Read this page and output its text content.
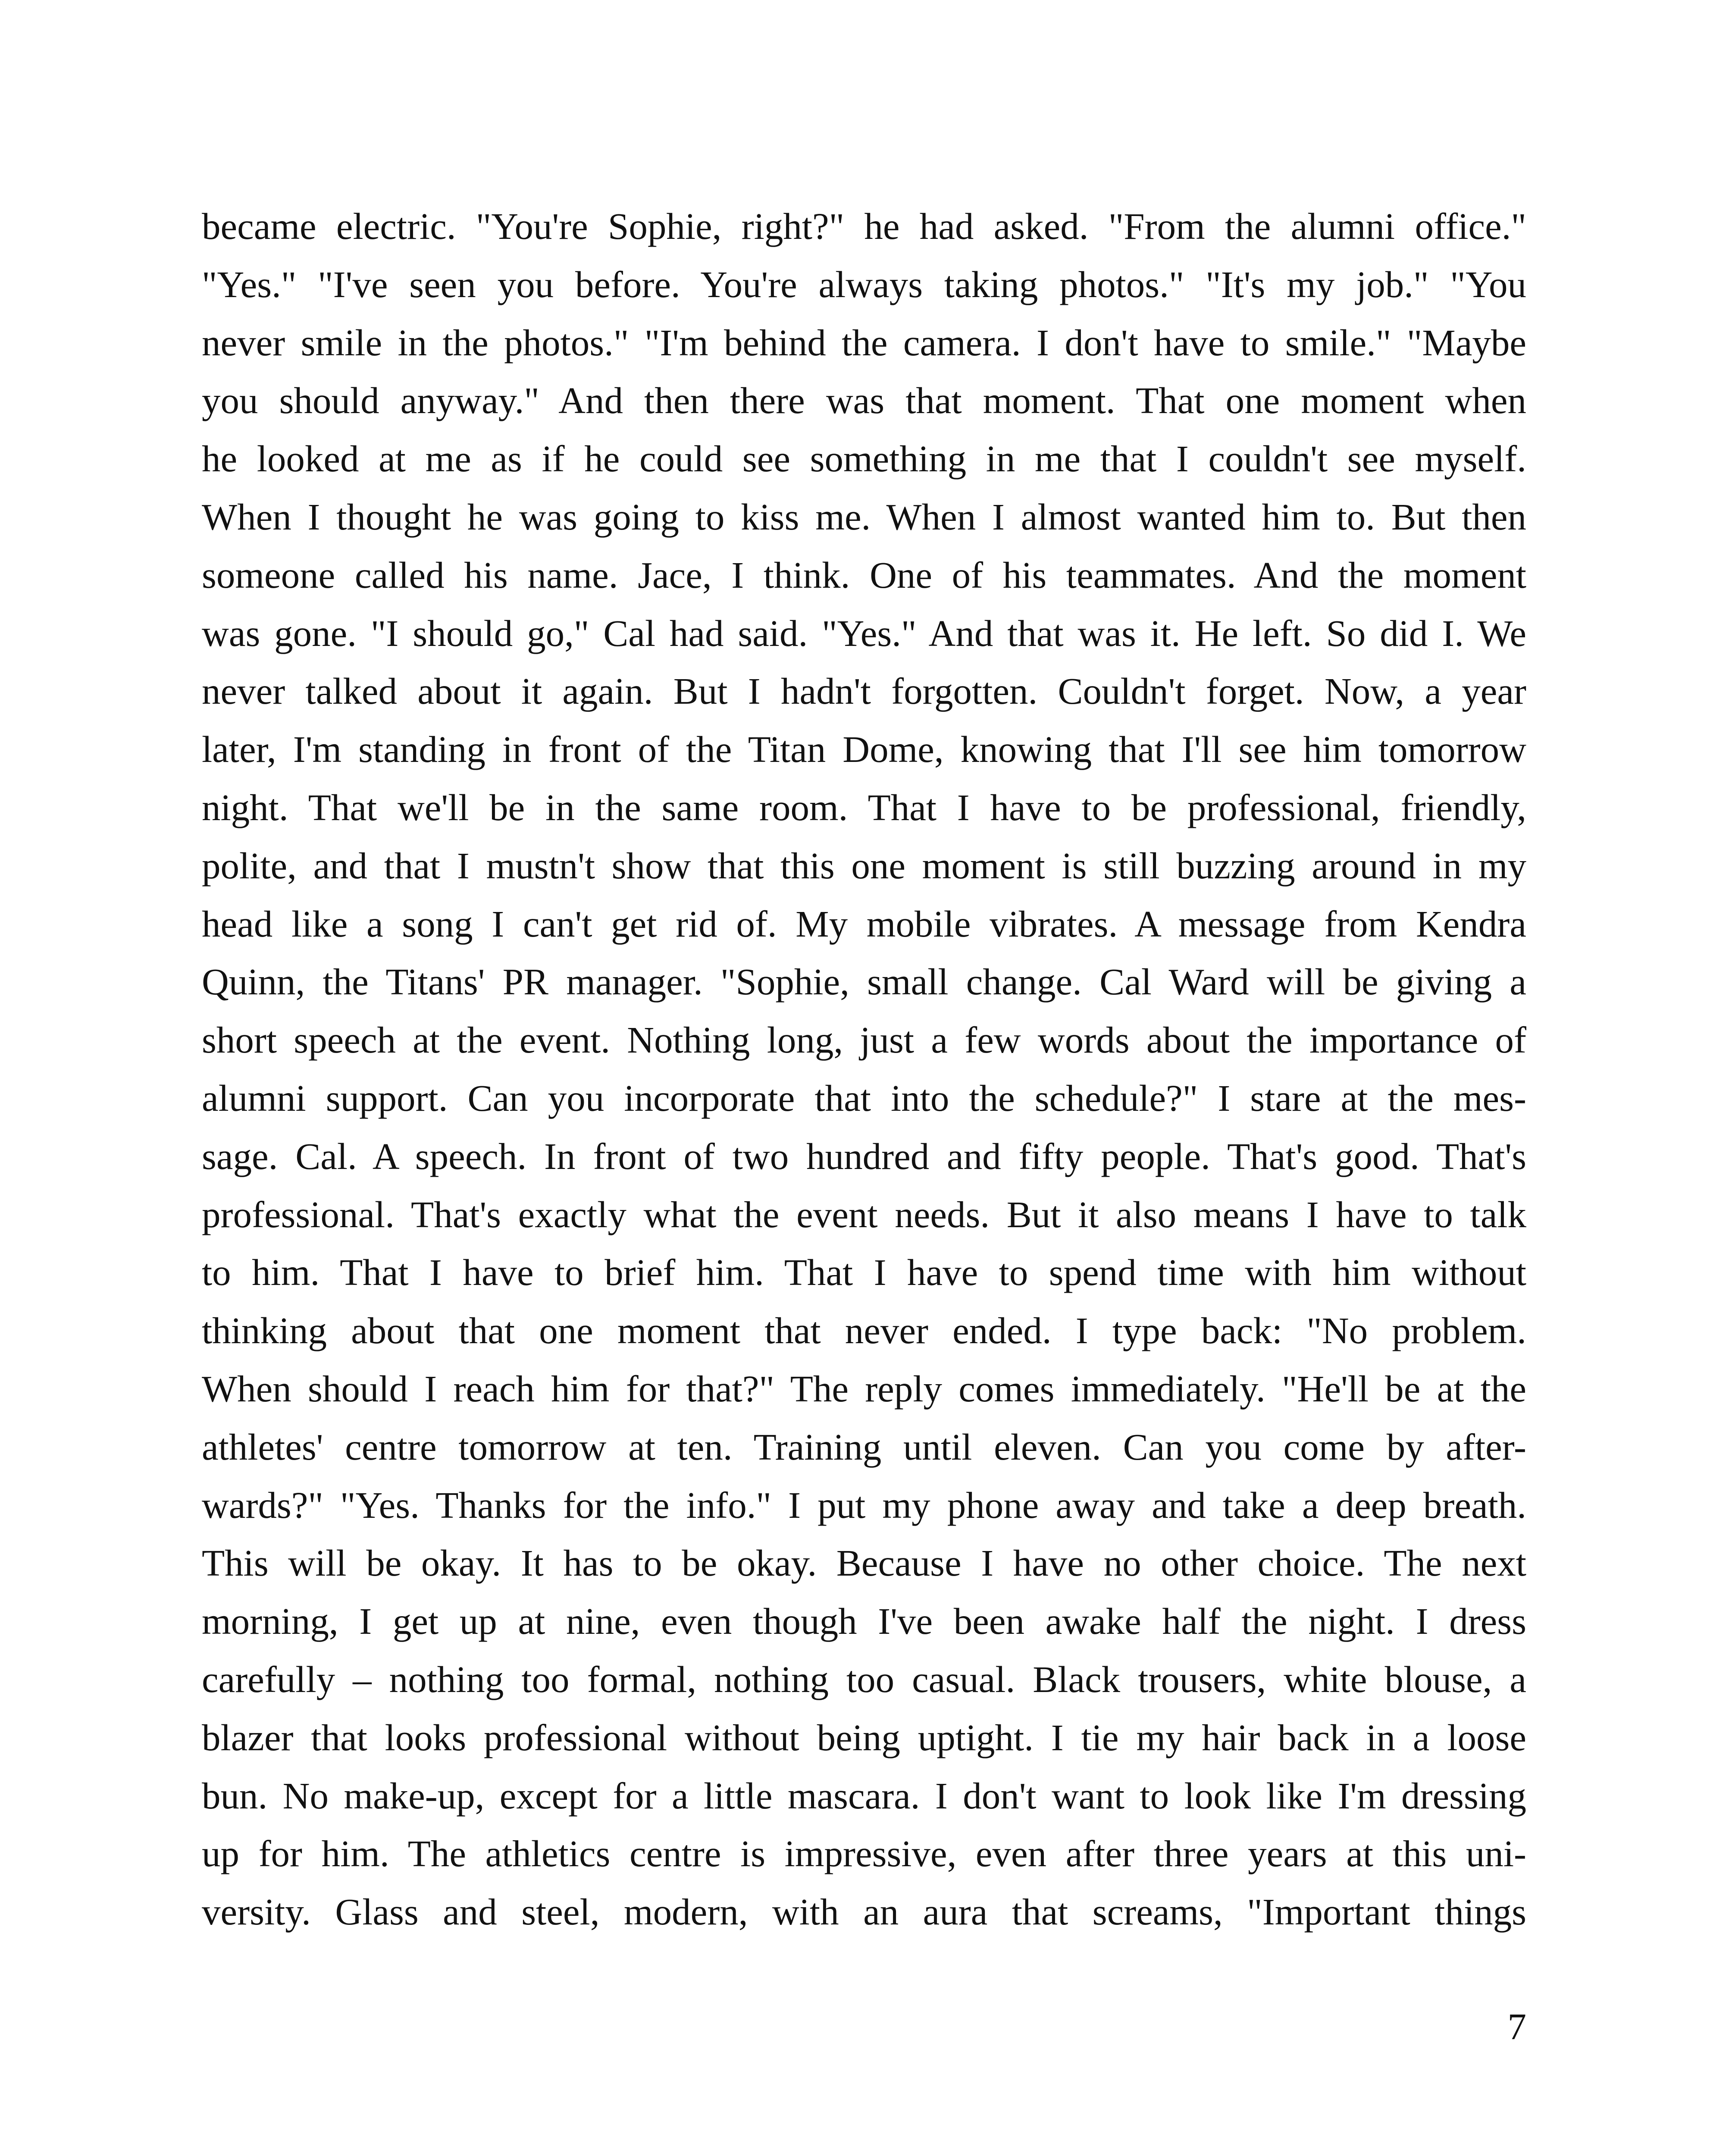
became electric. "You're Sophie, right?" he had asked. "From the alumni office."
"Yes." "I've seen you before. You're always taking photos." "It's my job." "You
never smile in the photos." "I'm behind the camera. I don't have to smile." "Maybe
you should anyway." And then there was that moment. That one moment when
he looked at me as if he could see something in me that I couldn't see myself.
When I thought he was going to kiss me. When I almost wanted him to. But then
someone called his name. Jace, I think. One of his teammates. And the moment
was gone. "I should go," Cal had said. "Yes." And that was it. He left. So did I. We
never talked about it again. But I hadn't forgotten. Couldn't forget. Now, a year
later, I'm standing in front of the Titan Dome, knowing that I'll see him tomorrow
night. That we'll be in the same room. That I have to be professional, friendly,
polite, and that I mustn't show that this one moment is still buzzing around in my
head like a song I can't get rid of. My mobile vibrates. A message from Kendra
Quinn, the Titans' PR manager. "Sophie, small change. Cal Ward will be giving a
short speech at the event. Nothing long, just a few words about the importance of
alumni support. Can you incorporate that into the schedule?" I stare at the mes-
sage. Cal. A speech. In front of two hundred and fifty people. That's good. That's
professional. That's exactly what the event needs. But it also means I have to talk
to him. That I have to brief him. That I have to spend time with him without
thinking about that one moment that never ended. I type back: "No problem.
When should I reach him for that?" The reply comes immediately. "He'll be at the
athletes' centre tomorrow at ten. Training until eleven. Can you come by after-
wards?" "Yes. Thanks for the info." I put my phone away and take a deep breath.
This will be okay. It has to be okay. Because I have no other choice. The next
morning, I get up at nine, even though I've been awake half the night. I dress
carefully – nothing too formal, nothing too casual. Black trousers, white blouse, a
blazer that looks professional without being uptight. I tie my hair back in a loose
bun. No make-up, except for a little mascara. I don't want to look like I'm dressing
up for him. The athletics centre is impressive, even after three years at this uni-
versity. Glass and steel, modern, with an aura that screams, "Important things
7
